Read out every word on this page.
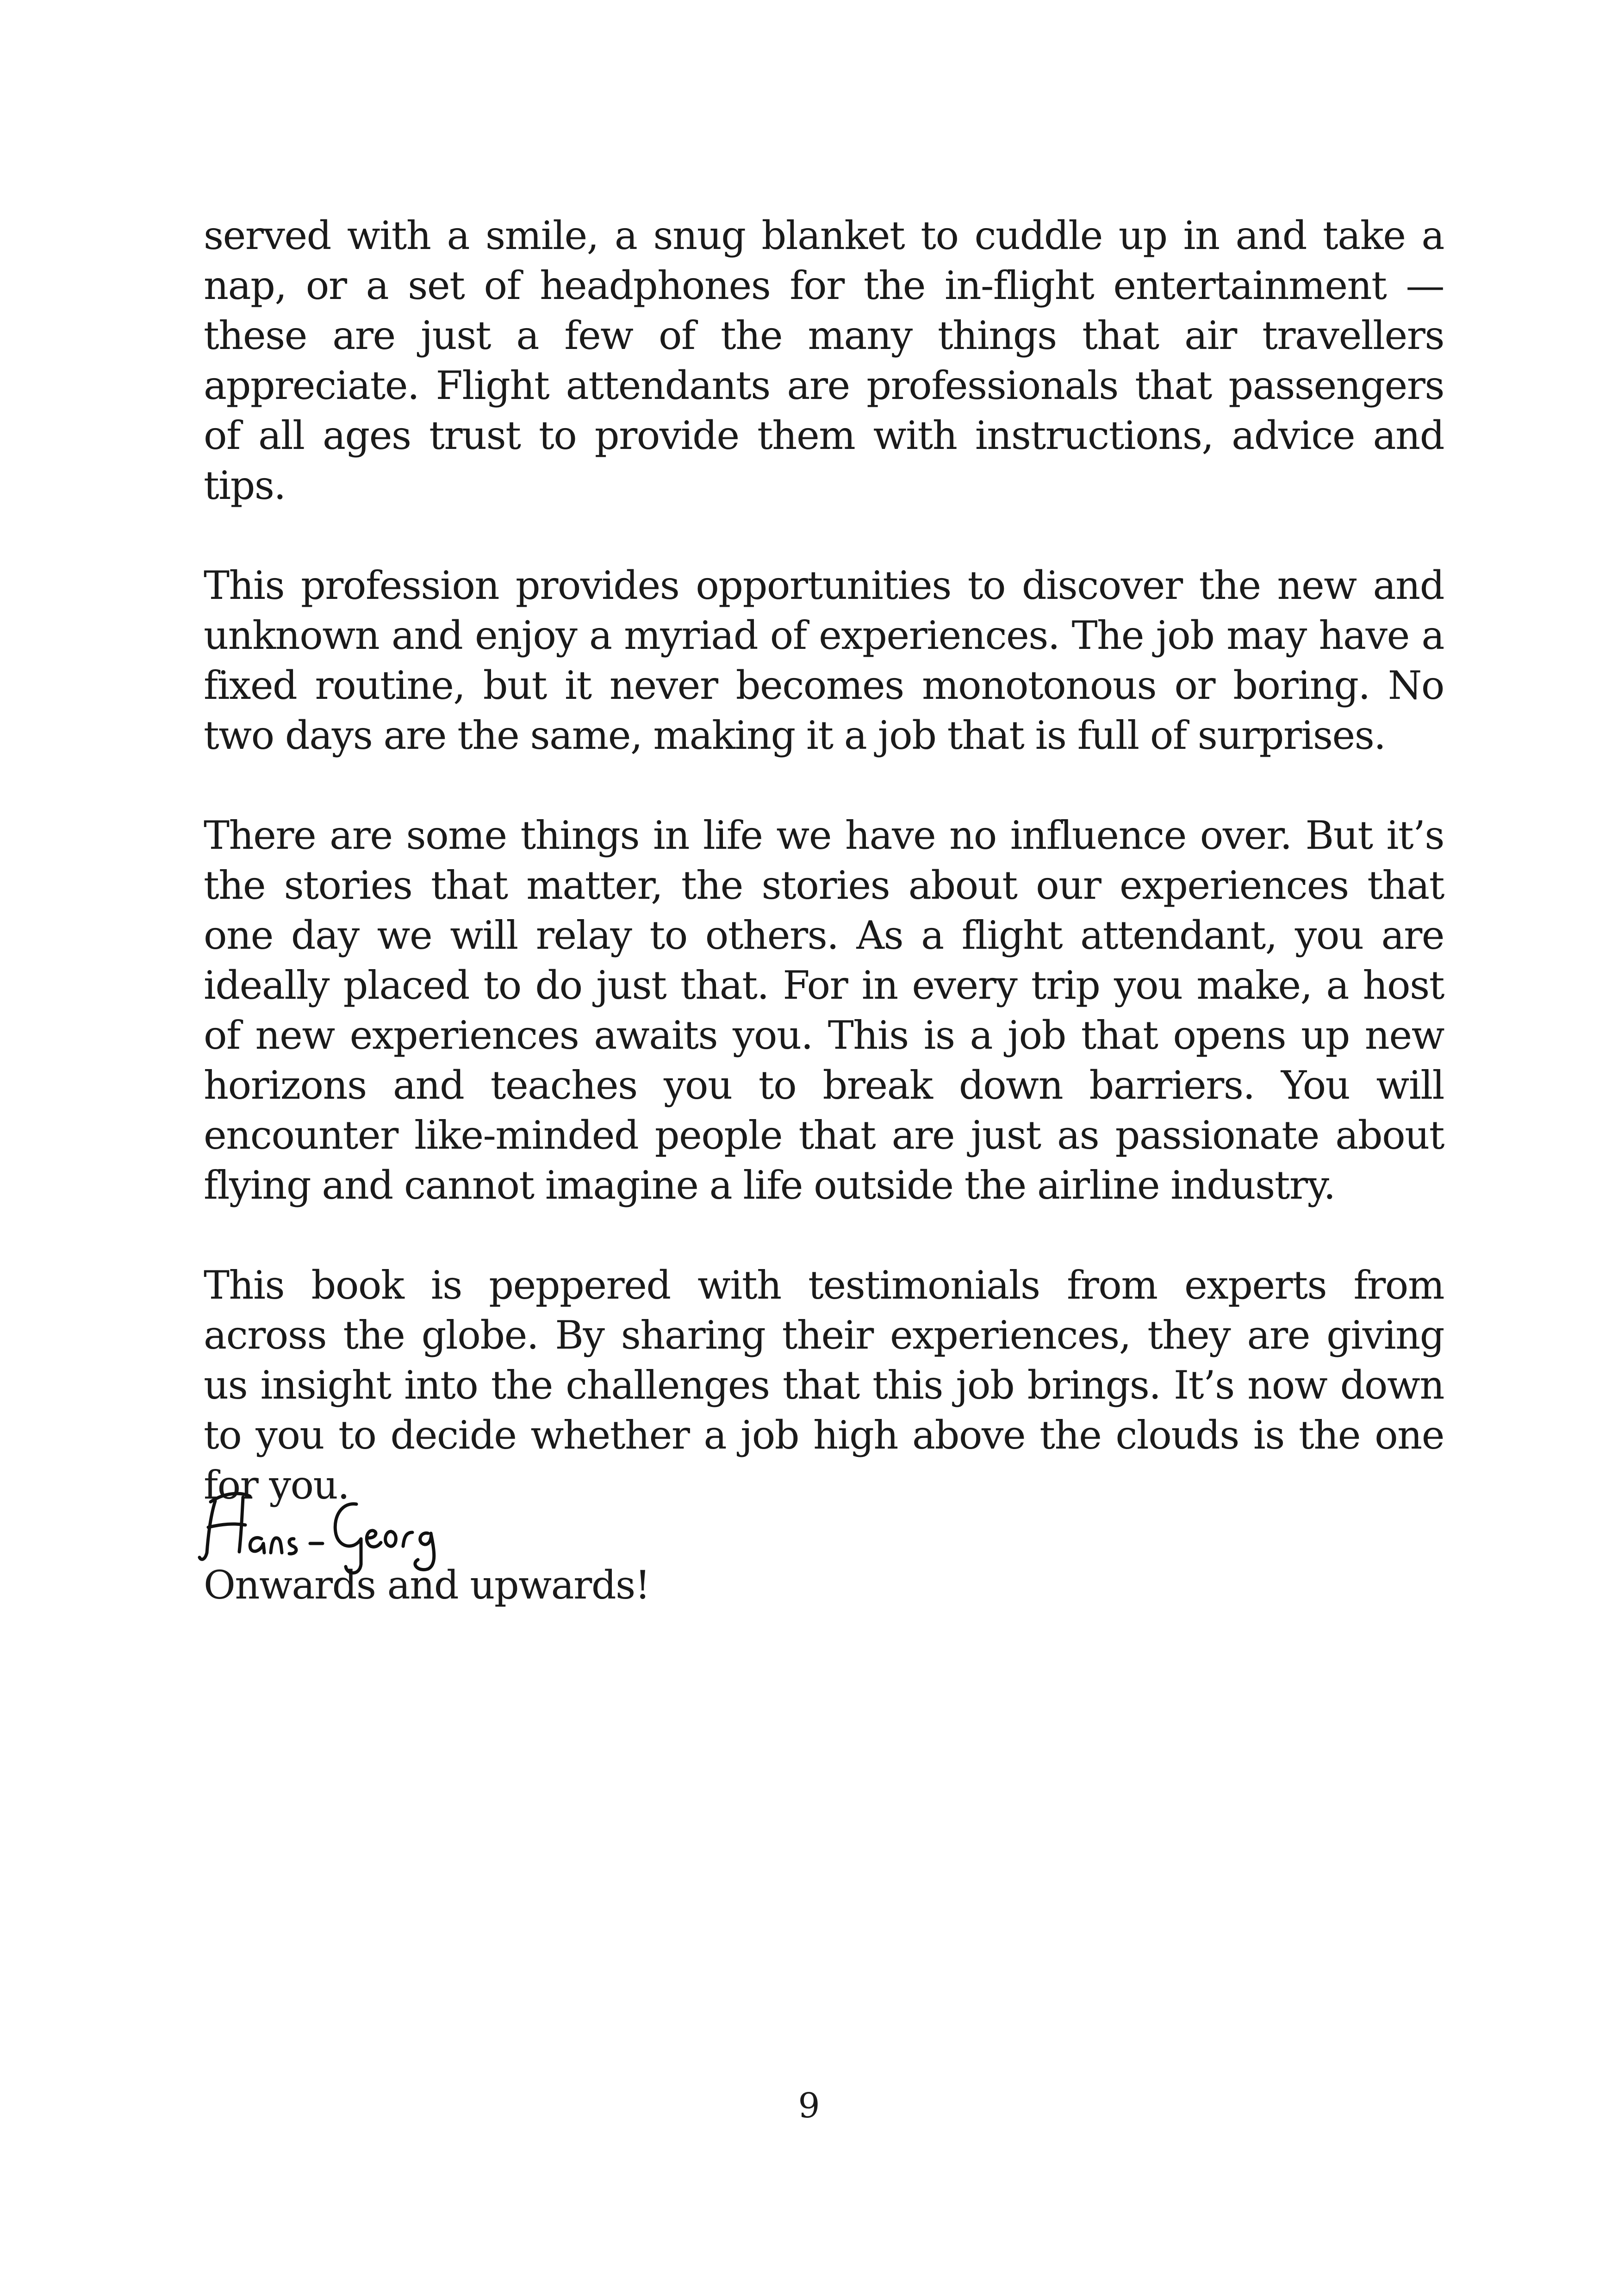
served with a smile, a snug blanket to cuddle up in and take a nap, or a set of headphones for the in-flight entertainment — these are just a few of the many things that air travellers appreciate. Flight attendants are professionals that passengers of all ages trust to provide them with instructions, advice and tips.

This profession provides opportunities to discover the new and unknown and enjoy a myriad of experiences. The job may have a fixed routine, but it never becomes monotonous or boring. No two days are the same, making it a job that is full of surprises.

There are some things in life we have no influence over. But it’s the stories that matter, the stories about our experiences that one day we will relay to others. As a flight attendant, you are ideally placed to do just that. For in every trip you make, a host of new experiences awaits you. This is a job that opens up new horizons and teaches you to break down barriers. You will encounter like-minded people that are just as passionate about flying and cannot imagine a life outside the airline industry.

This book is peppered with testimonials from experts from across the globe. By sharing their experiences, they are giving us insight into the challenges that this job brings. It’s now down to you to decide whether a job high above the clouds is the one for you.

Onwards and upwards!

9
